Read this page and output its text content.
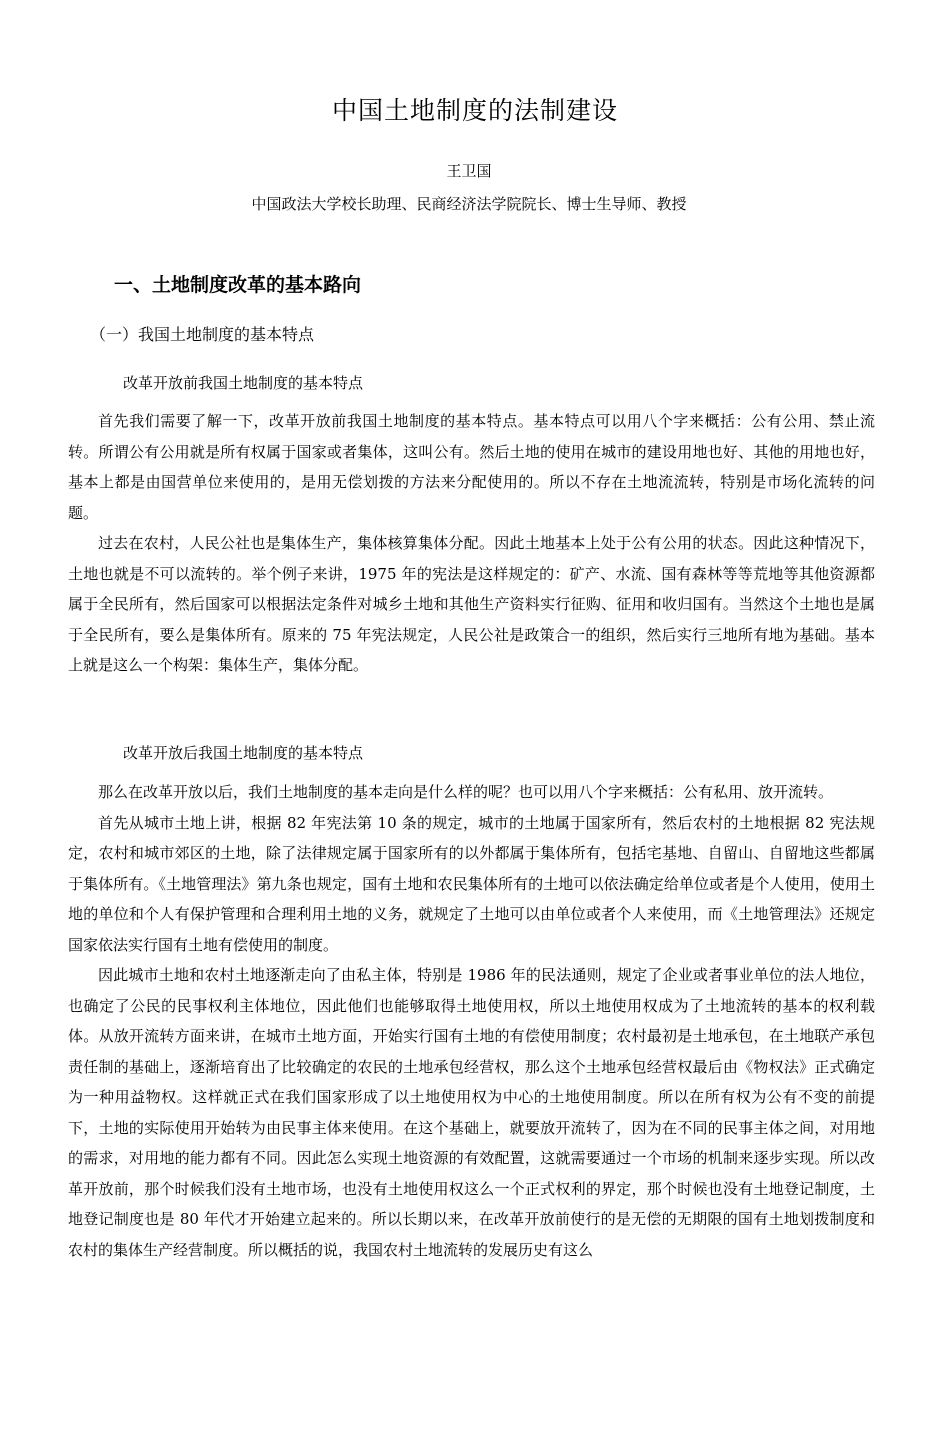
中国土地制度的法制建设
王卫国
中国政法大学校长助理、民商经济法学院院长、博士生导师、教授
一、土地制度改革的基本路向
（一）我国土地制度的基本特点
改革开放前我国土地制度的基本特点

首先我们需要了解一下，改革开放前我国土地制度的基本特点。基本特点可以用八个字来概括：公有公用、禁止流转。所谓公有公用就是所有权属于国家或者集体，这叫公有。然后土地的使用在城市的建设用地也好、其他的用地也好，基本上都是由国营单位来使用的，是用无偿划拨的方法来分配使用的。所以不存在土地流流转，特别是市场化流转的问题。

过去在农村，人民公社也是集体生产，集体核算集体分配。因此土地基本上处于公有公用的状态。因此这种情况下，土地也就是不可以流转的。举个例子来讲，1975 年的宪法是这样规定的：矿产、水流、国有森林等等荒地等其他资源都属于全民所有，然后国家可以根据法定条件对城乡土地和其他生产资料实行征购、征用和收归国有。当然这个土地也是属于全民所有，要么是集体所有。原来的 75 年宪法规定，人民公社是政策合一的组织，然后实行三地所有地为基础。基本上就是这么一个构架：集体生产，集体分配。

改革开放后我国土地制度的基本特点

那么在改革开放以后，我们土地制度的基本走向是什么样的呢？也可以用八个字来概括：公有私用、放开流转。

首先从城市土地上讲，根据 82 年宪法第 10 条的规定，城市的土地属于国家所有，然后农村的土地根据 82 宪法规定，农村和城市郊区的土地，除了法律规定属于国家所有的以外都属于集体所有，包括宅基地、自留山、自留地这些都属于集体所有。《土地管理法》第九条也规定，国有土地和农民集体所有的土地可以依法确定给单位或者是个人使用，使用土地的单位和个人有保护管理和合理利用土地的义务，就规定了土地可以由单位或者个人来使用，而《土地管理法》还规定国家依法实行国有土地有偿使用的制度。

因此城市土地和农村土地逐渐走向了由私主体，特别是 1986 年的民法通则，规定了企业或者事业单位的法人地位，也确定了公民的民事权利主体地位，因此他们也能够取得土地使用权，所以土地使用权成为了土地流转的基本的权利载体。从放开流转方面来讲，在城市土地方面，开始实行国有土地的有偿使用制度；农村最初是土地承包，在土地联产承包责任制的基础上，逐渐培育出了比较确定的农民的土地承包经营权，那么这个土地承包经营权最后由《物权法》正式确定为一种用益物权。这样就正式在我们国家形成了以土地使用权为中心的土地使用制度。所以在所有权为公有不变的前提下，土地的实际使用开始转为由民事主体来使用。在这个基础上，就要放开流转了，因为在不同的民事主体之间，对用地的需求，对用地的能力都有不同。因此怎么实现土地资源的有效配置，这就需要通过一个市场的机制来逐步实现。所以改革开放前，那个时候我们没有土地市场，也没有土地使用权这么一个正式权利的界定，那个时候也没有土地登记制度，土地登记制度也是 80 年代才开始建立起来的。所以长期以来，在改革开放前使行的是无偿的无期限的国有土地划拨制度和农村的集体生产经营制度。所以概括的说，我国农村土地流转的发展历史有这么
